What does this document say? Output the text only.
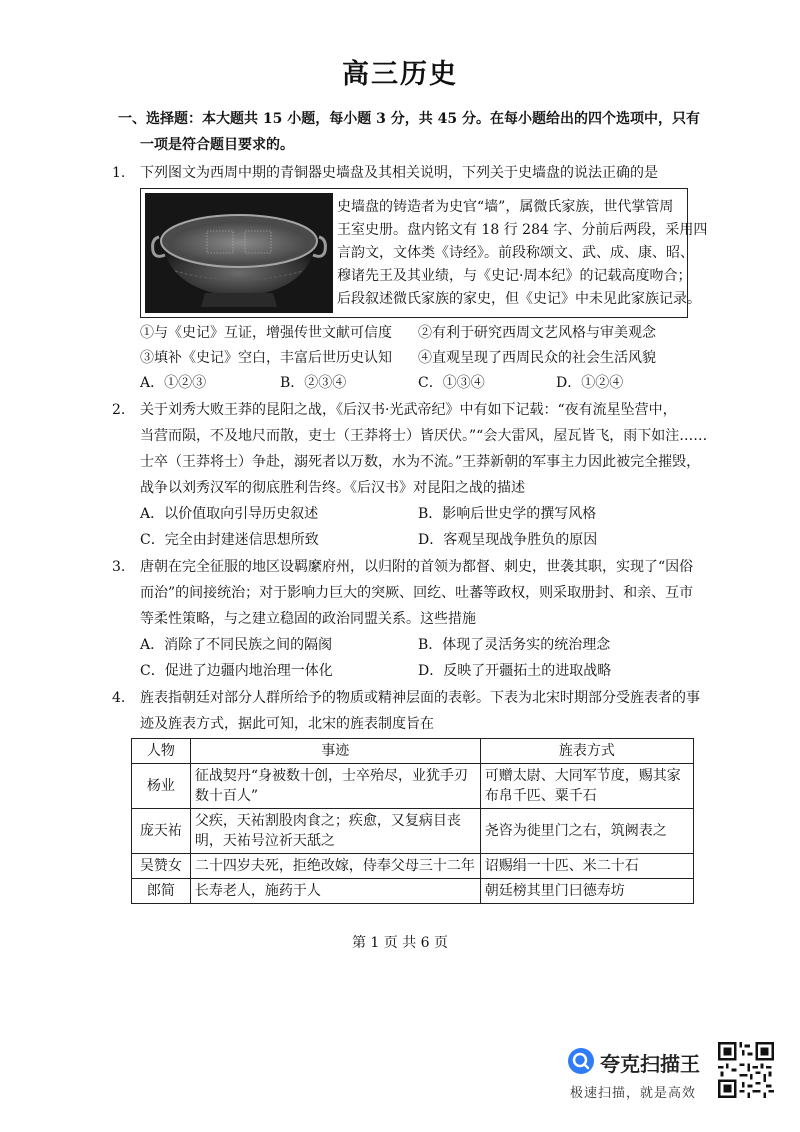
高三历史
一、选择题：本大题共 15 小题，每小题 3 分，共 45 分。在每小题给出的四个选项中，只有
一项是符合题目要求的。
1. 下列图文为西周中期的青铜器史墙盘及其相关说明，下列关于史墙盘的说法正确的是
史墙盘的铸造者为史官“墙”，属微氏家族，世代掌管周
王室史册。盘内铭文有 18 行 284 字、分前后两段，采用四
言韵文，文体类《诗经》。前段称颂文、武、成、康、昭、
穆诸先王及其业绩，与《史记·周本纪》的记载高度吻合；
后段叙述微氏家族的家史，但《史记》中未见此家族记录。
①与《史记》互证，增强传世文献可信度 ②有利于研究西周文艺风格与审美观念
③填补《史记》空白，丰富后世历史认知 ④直观呈现了西周民众的社会生活风貌
A．①②③	B．②③④	C．①③④	D．①②④
2. 关于刘秀大败王莽的昆阳之战，《后汉书·光武帝纪》中有如下记载：“夜有流星坠营中，
当营而陨，不及地尺而散，吏士（王莽将士）皆厌伏。”“会大雷风，屋瓦皆飞，雨下如注……
士卒（王莽将士）争赴，溺死者以万数，水为不流。”王莽新朝的军事主力因此被完全摧毁，
战争以刘秀汉军的彻底胜利告终。《后汉书》对昆阳之战的描述
A．以价值取向引导历史叙述	B．影响后世史学的撰写风格
C．完全由封建迷信思想所致	D．客观呈现战争胜负的原因
3. 唐朝在完全征服的地区设羁縻府州，以归附的首领为都督、刺史，世袭其职，实现了“因俗
而治”的间接统治；对于影响力巨大的突厥、回纥、吐蕃等政权，则采取册封、和亲、互市
等柔性策略，与之建立稳固的政治同盟关系。这些措施
A．消除了不同民族之间的隔阂	B．体现了灵活务实的统治理念
C．促进了边疆内地治理一体化	D．反映了开疆拓土的进取战略
4. 旌表指朝廷对部分人群所给予的物质或精神层面的表彰。下表为北宋时期部分受旌表者的事
迹及旌表方式，据此可知，北宋的旌表制度旨在
人物	事迹	旌表方式
杨业	征战契丹“身被数十创，士卒殆尽，业犹手刃数十百人”	可赠太尉、大同军节度，赐其家布帛千匹、粟千石
庞天祐	父疾，天祐割股肉食之；疾愈，又复病目丧明，天祐号泣祈天舐之	尧咨为徙里门之右，筑阙表之
吴赞女	二十四岁夫死，拒绝改嫁，侍奉父母三十二年	诏赐绢一十匹、米二十石
郎简	长寿老人，施药于人	朝廷榜其里门曰德寿坊
第 1 页 共 6 页
夸克扫描王
极速扫描，就是高效
